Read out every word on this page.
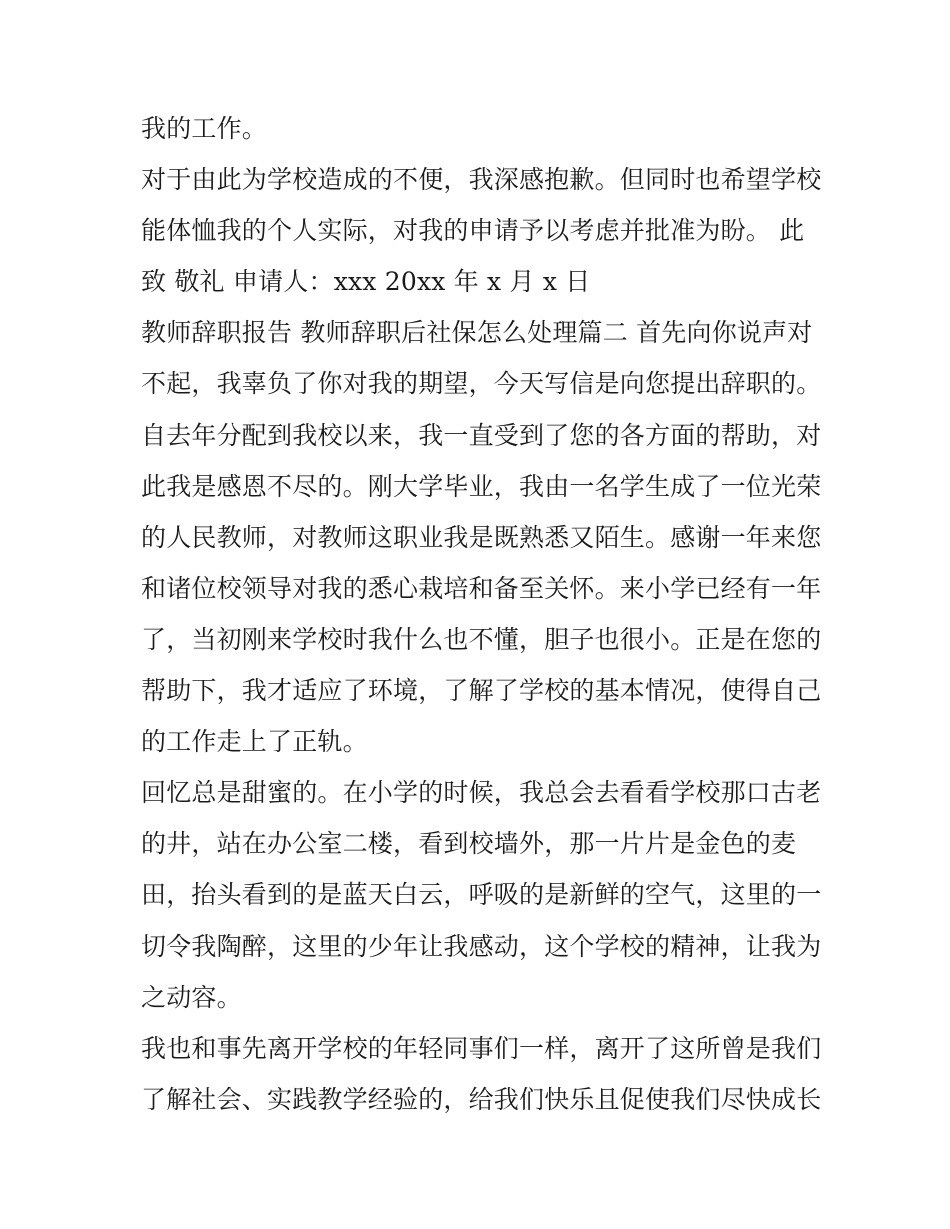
我的工作。
对于由此为学校造成的不便，我深感抱歉。但同时也希望学校
能体恤我的个人实际，对我的申请予以考虑并批准为盼。 此
致 敬礼 申请人：xxx 20xx 年 x 月 x 日
教师辞职报告 教师辞职后社保怎么处理篇二 首先向你说声对
不起，我辜负了你对我的期望，今天写信是向您提出辞职的。
自去年分配到我校以来，我一直受到了您的各方面的帮助，对
此我是感恩不尽的。刚大学毕业，我由一名学生成了一位光荣
的人民教师，对教师这职业我是既熟悉又陌生。感谢一年来您
和诸位校领导对我的悉心栽培和备至关怀。来小学已经有一年
了，当初刚来学校时我什么也不懂，胆子也很小。正是在您的
帮助下，我才适应了环境，了解了学校的基本情况，使得自己
的工作走上了正轨。
回忆总是甜蜜的。在小学的时候，我总会去看看学校那口古老
的井，站在办公室二楼，看到校墙外，那一片片是金色的麦
田，抬头看到的是蓝天白云，呼吸的是新鲜的空气，这里的一
切令我陶醉，这里的少年让我感动，这个学校的精神，让我为
之动容。
我也和事先离开学校的年轻同事们一样，离开了这所曾是我们
了解社会、实践教学经验的，给我们快乐且促使我们尽快成长
